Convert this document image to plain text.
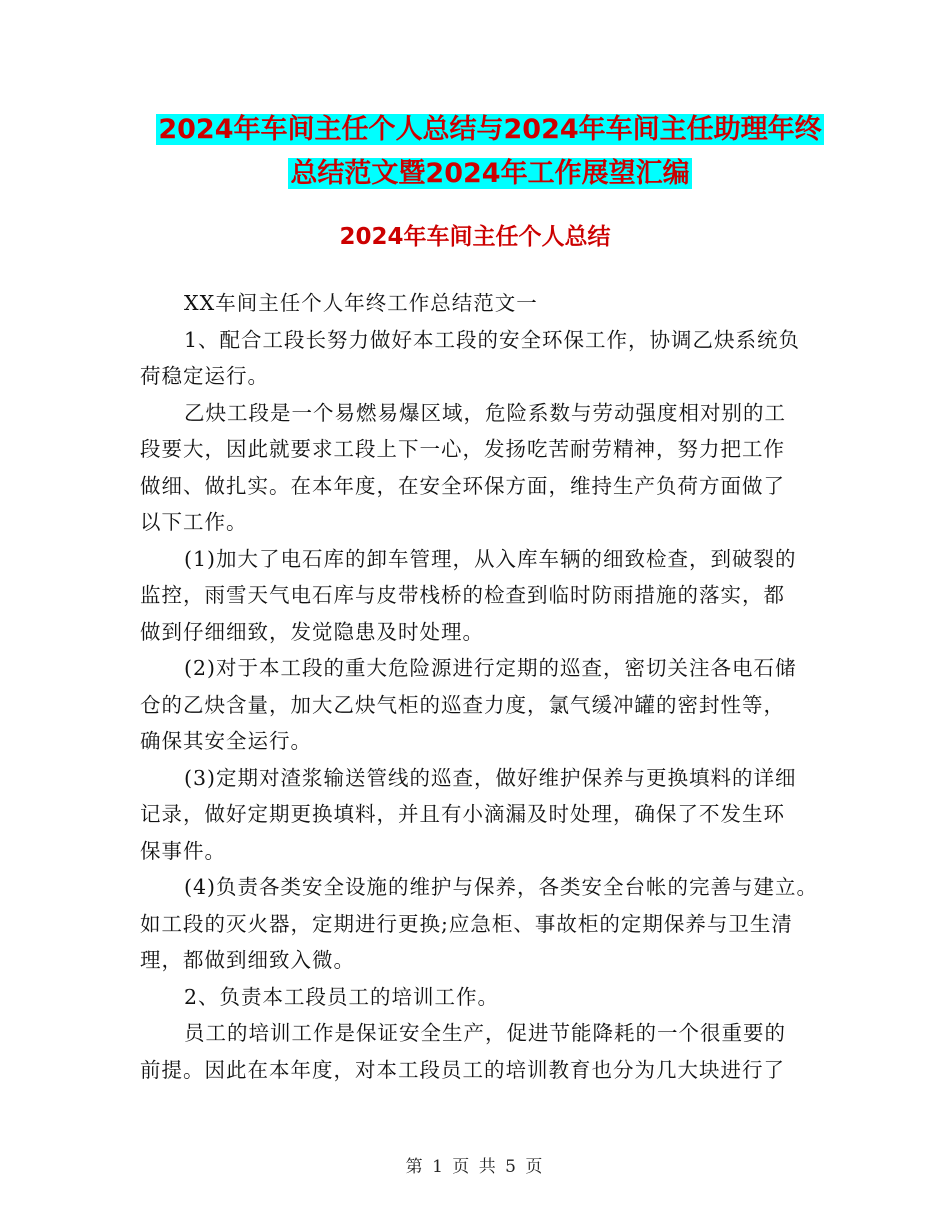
2024年车间主任个人总结与2024年车间主任助理年终
总结范文暨2024年工作展望汇编
2024年车间主任个人总结
XX车间主任个人年终工作总结范文一
1、配合工段长努力做好本工段的安全环保工作，协调乙炔系统负
荷稳定运行。
乙炔工段是一个易燃易爆区域，危险系数与劳动强度相对别的工
段要大，因此就要求工段上下一心，发扬吃苦耐劳精神，努力把工作
做细、做扎实。在本年度，在安全环保方面，维持生产负荷方面做了
以下工作。
(1)加大了电石库的卸车管理，从入库车辆的细致检查，到破裂的
监控，雨雪天气电石库与皮带栈桥的检查到临时防雨措施的落实，都
做到仔细细致，发觉隐患及时处理。
(2)对于本工段的重大危险源进行定期的巡查，密切关注各电石储
仓的乙炔含量，加大乙炔气柜的巡查力度，氯气缓冲罐的密封性等，
确保其安全运行。
(3)定期对渣浆输送管线的巡查，做好维护保养与更换填料的详细
记录，做好定期更换填料，并且有小滴漏及时处理，确保了不发生环
保事件。
(4)负责各类安全设施的维护与保养，各类安全台帐的完善与建立。
如工段的灭火器，定期进行更换;应急柜、事故柜的定期保养与卫生清
理，都做到细致入微。
2、负责本工段员工的培训工作。
员工的培训工作是保证安全生产，促进节能降耗的一个很重要的
前提。因此在本年度，对本工段员工的培训教育也分为几大块进行了
第 1 页 共 5 页
